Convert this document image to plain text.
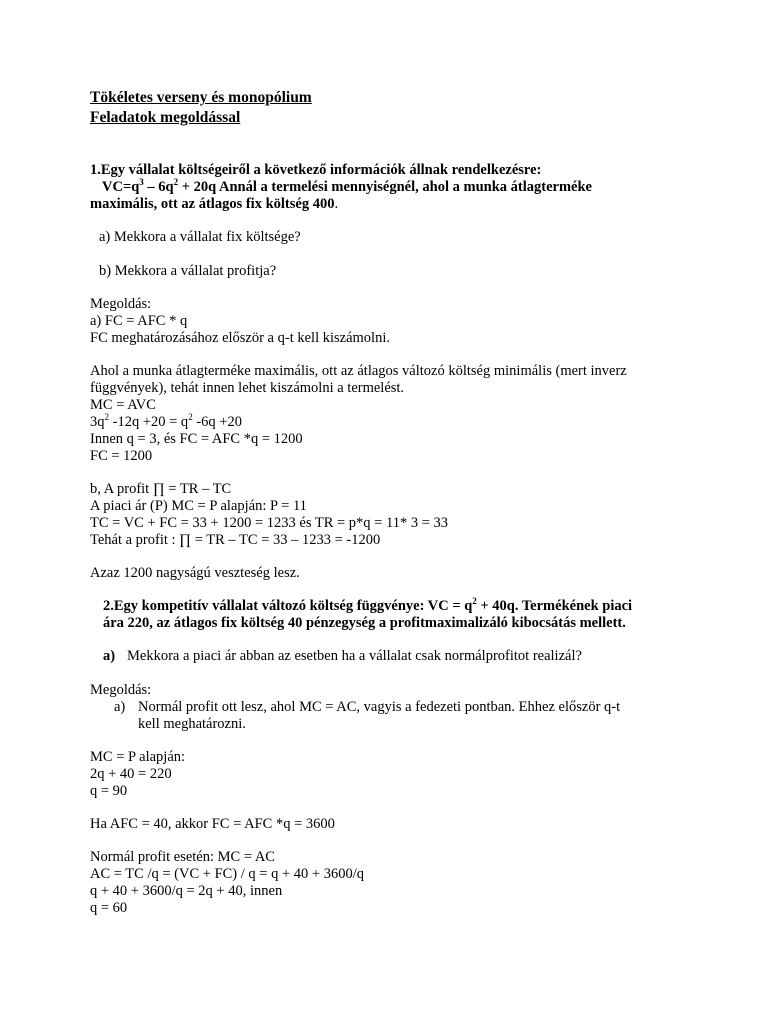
Tökéletes verseny és monopólium
Feladatok megoldással
1.Egy vállalat költségeiről a következő információk állnak rendelkezésre:
$VC=q^3 - 6q^2 + 20q$ Annál a termelési mennyiségnél, ahol a munka átlagterméke
maximális, ott az átlagos fix költség 400.
a) Mekkora a vállalat fix költsége?
b) Mekkora a vállalat profitja?
Megoldás:
a) FC = AFC * q
FC meghatározásához először a q-t kell kiszámolni.
Ahol a munka átlagterméke maximális, ott az átlagos változó költség minimális (mert inverz
függvények), tehát innen lehet kiszámolni a termelést.
MC = AVC
$3q^2$ $-12q +20 = q^2$ -6q +20
Innen q = 3, és FC = AFC *q = 1200
FC = 1200
b, A profit ∏ = TR – TC
A piaci ár (P) MC = P alapján: P = 11
TC = VC + FC = 33 + 1200 = 1233 és TR = p*q = 11* 3 = 33
Tehát a profit : ∏ = TR – TC = 33 – 1233 = -1200
Azaz 1200 nagyságú veszteség lesz.
2.Egy kompetitív vállalat változó költség függvénye: VC = $q^2 + 40q$. Termékének piaci
ára 220, az átlagos fix költség 40 pénzegység a profitmaximalizáló kibocsátás mellett.
a) Mekkora a piaci ár abban az esetben ha a vállalat csak normálprofitot realizál?
Megoldás:
a) Normál profit ott lesz, ahol MC = AC, vagyis a fedezeti pontban. Ehhez először q-t
kell meghatározni.
MC = P alapján:
2q + 40 = 220
q = 90
Ha AFC = 40, akkor FC = AFC *q = 3600
Normál profit esetén: MC = AC
AC = TC /q = (VC + FC) / q = q + 40 + 3600/q
q + 40 + 3600/q = 2q + 40, innen
q = 60
